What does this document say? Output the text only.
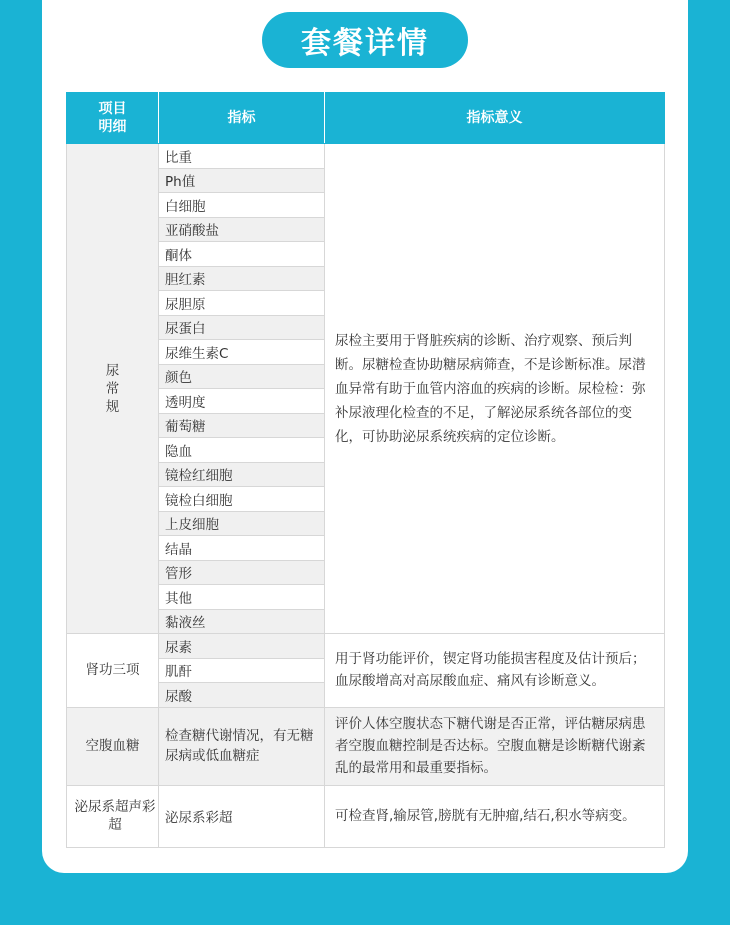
套餐详情
项目明细	指标	指标意义

尿常规	比重	尿检主要用于肾脏疾病的诊断、治疗观察、预后判断。尿糖检查协助糖尿病筛查，不是诊断标准。尿潜血异常有助于血管内溶血的疾病的诊断。尿检检：弥补尿液理化检查的不足，了解泌尿系统各部位的变化，可协助泌尿系统疾病的定位诊断。
	Ph值	
	白细胞	
	亚硝酸盐	
	酮体	
	胆红素	
	尿胆原	
	尿蛋白	
	尿维生素C	
	颜色	
	透明度	
	葡萄糖	
	隐血	
	镜检红细胞	
	镜检白细胞	
	上皮细胞	
	结晶	
	管形	
	其他	
	黏液丝	
肾功三项	尿素	用于肾功能评价，锲定肾功能损害程度及估计预后；血尿酸增高对高尿酸血症、痛风有诊断意义。
	肌酐	
	尿酸	
空腹血糖	检查糖代谢情况，有无糖尿病或低血糖症	评价人体空腹状态下糖代谢是否正常，评估糖尿病患者空腹血糖控制是否达标。空腹血糖是诊断糖代谢紊乱的最常用和最重要指标。

泌尿系超声彩超	泌尿系彩超	可检查肾,输尿管,膀胱有无肿瘤,结石,积水等病变。
